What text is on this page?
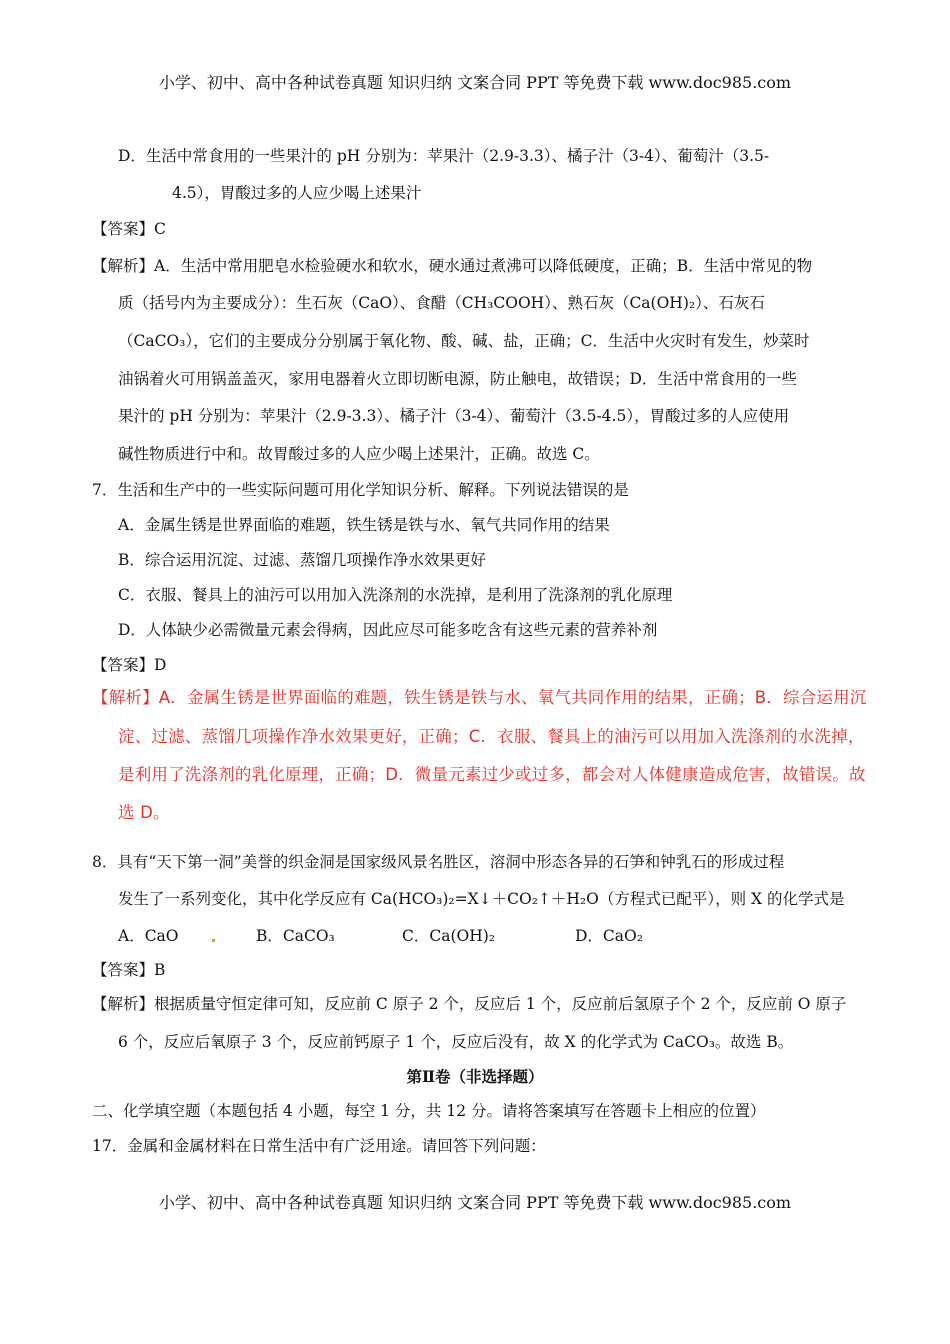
小学、初中、高中各种试卷真题 知识归纳 文案合同 PPT 等免费下载 www.doc985.com
D．生活中常食用的一些果汁的 pH 分别为：苹果汁（2.9-3.3）、橘子汁（3-4）、葡萄汁（3.5-
4.5），胃酸过多的人应少喝上述果汁
【答案】C
【解析】A．生活中常用肥皂水检验硬水和软水，硬水通过煮沸可以降低硬度，正确；B．生活中常见的物
质（括号内为主要成分）：生石灰（CaO）、食醋（CH₃COOH）、熟石灰（Ca(OH)₂）、石灰石
（CaCO₃），它们的主要成分分别属于氧化物、酸、碱、盐，正确；C．生活中火灾时有发生，炒菜时
油锅着火可用锅盖盖灭，家用电器着火立即切断电源，防止触电，故错误；D．生活中常食用的一些
果汁的 pH 分别为：苹果汁（2.9-3.3）、橘子汁（3-4）、葡萄汁（3.5-4.5），胃酸过多的人应使用
碱性物质进行中和。故胃酸过多的人应少喝上述果汁，正确。故选 C。
7．生活和生产中的一些实际问题可用化学知识分析、解释。下列说法错误的是
A．金属生锈是世界面临的难题，铁生锈是铁与水、氧气共同作用的结果
B．综合运用沉淀、过滤、蒸馏几项操作净水效果更好
C．衣服、餐具上的油污可以用加入洗涤剂的水洗掉，是利用了洗涤剂的乳化原理
D．人体缺少必需微量元素会得病，因此应尽可能多吃含有这些元素的营养补剂
【答案】D
【解析】A．金属生锈是世界面临的难题，铁生锈是铁与水、氧气共同作用的结果，正确；B．综合运用沉
淀、过滤、蒸馏几项操作净水效果更好，正确；C．衣服、餐具上的油污可以用加入洗涤剂的水洗掉，
是利用了洗涤剂的乳化原理，正确；D．微量元素过少或过多，都会对人体健康造成危害，故错误。故
选 D。
8．具有“天下第一洞”美誉的织金洞是国家级风景名胜区，溶洞中形态各异的石笋和钟乳石的形成过程
发生了一系列变化，其中化学反应有 Ca(HCO₃)₂=X↓＋CO₂↑＋H₂O（方程式已配平），则 X 的化学式是
A．CaO	B．CaCO₃	C．Ca(OH)₂	D．CaO₂
【答案】B
【解析】根据质量守恒定律可知，反应前 C 原子 2 个，反应后 1 个，反应前后氢原子个 2 个，反应前 O 原子
6 个，反应后氧原子 3 个，反应前钙原子 1 个，反应后没有，故 X 的化学式为 CaCO₃。故选 B。
第Ⅱ卷（非选择题）
二、化学填空题（本题包括 4 小题，每空 1 分，共 12 分。请将答案填写在答题卡上相应的位置）
17．金属和金属材料在日常生活中有广泛用途。请回答下列问题：
小学、初中、高中各种试卷真题 知识归纳 文案合同 PPT 等免费下载 www.doc985.com
